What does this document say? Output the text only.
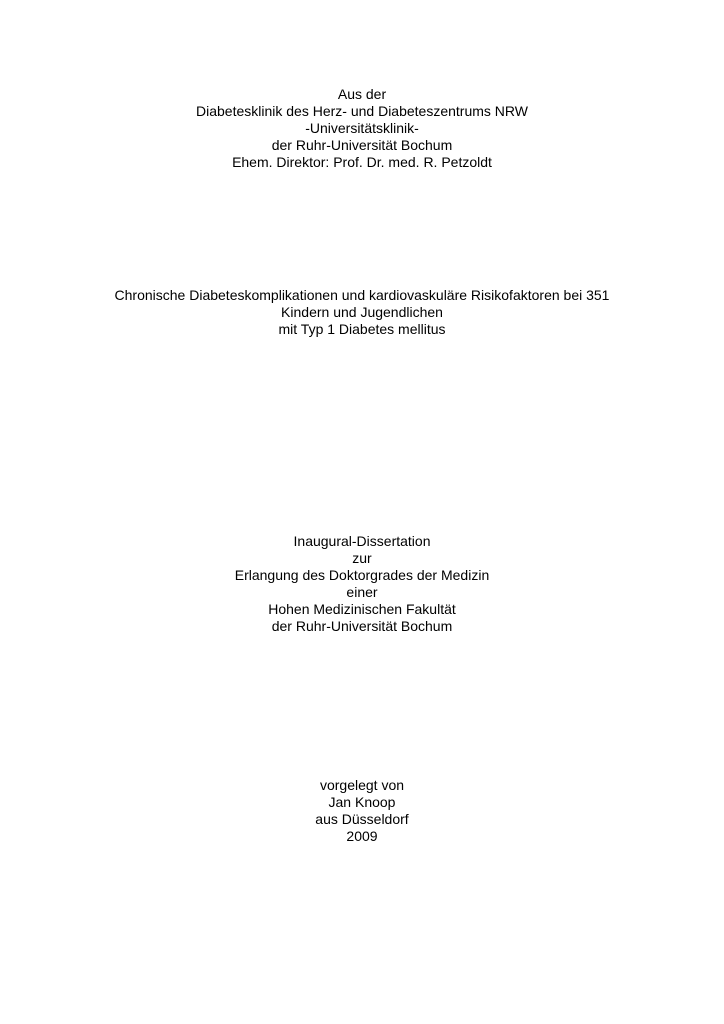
Aus der
Diabetesklinik des Herz- und Diabeteszentrums NRW
-Universitätsklinik-
der Ruhr-Universität Bochum
Ehem. Direktor: Prof. Dr. med. R. Petzoldt
Chronische Diabeteskomplikationen und kardiovaskuläre Risikofaktoren bei 351
Kindern und Jugendlichen
mit Typ 1 Diabetes mellitus
Inaugural-Dissertation
zur
Erlangung des Doktorgrades der Medizin
einer
Hohen Medizinischen Fakultät
der Ruhr-Universität Bochum
vorgelegt von
Jan Knoop
aus Düsseldorf
2009
